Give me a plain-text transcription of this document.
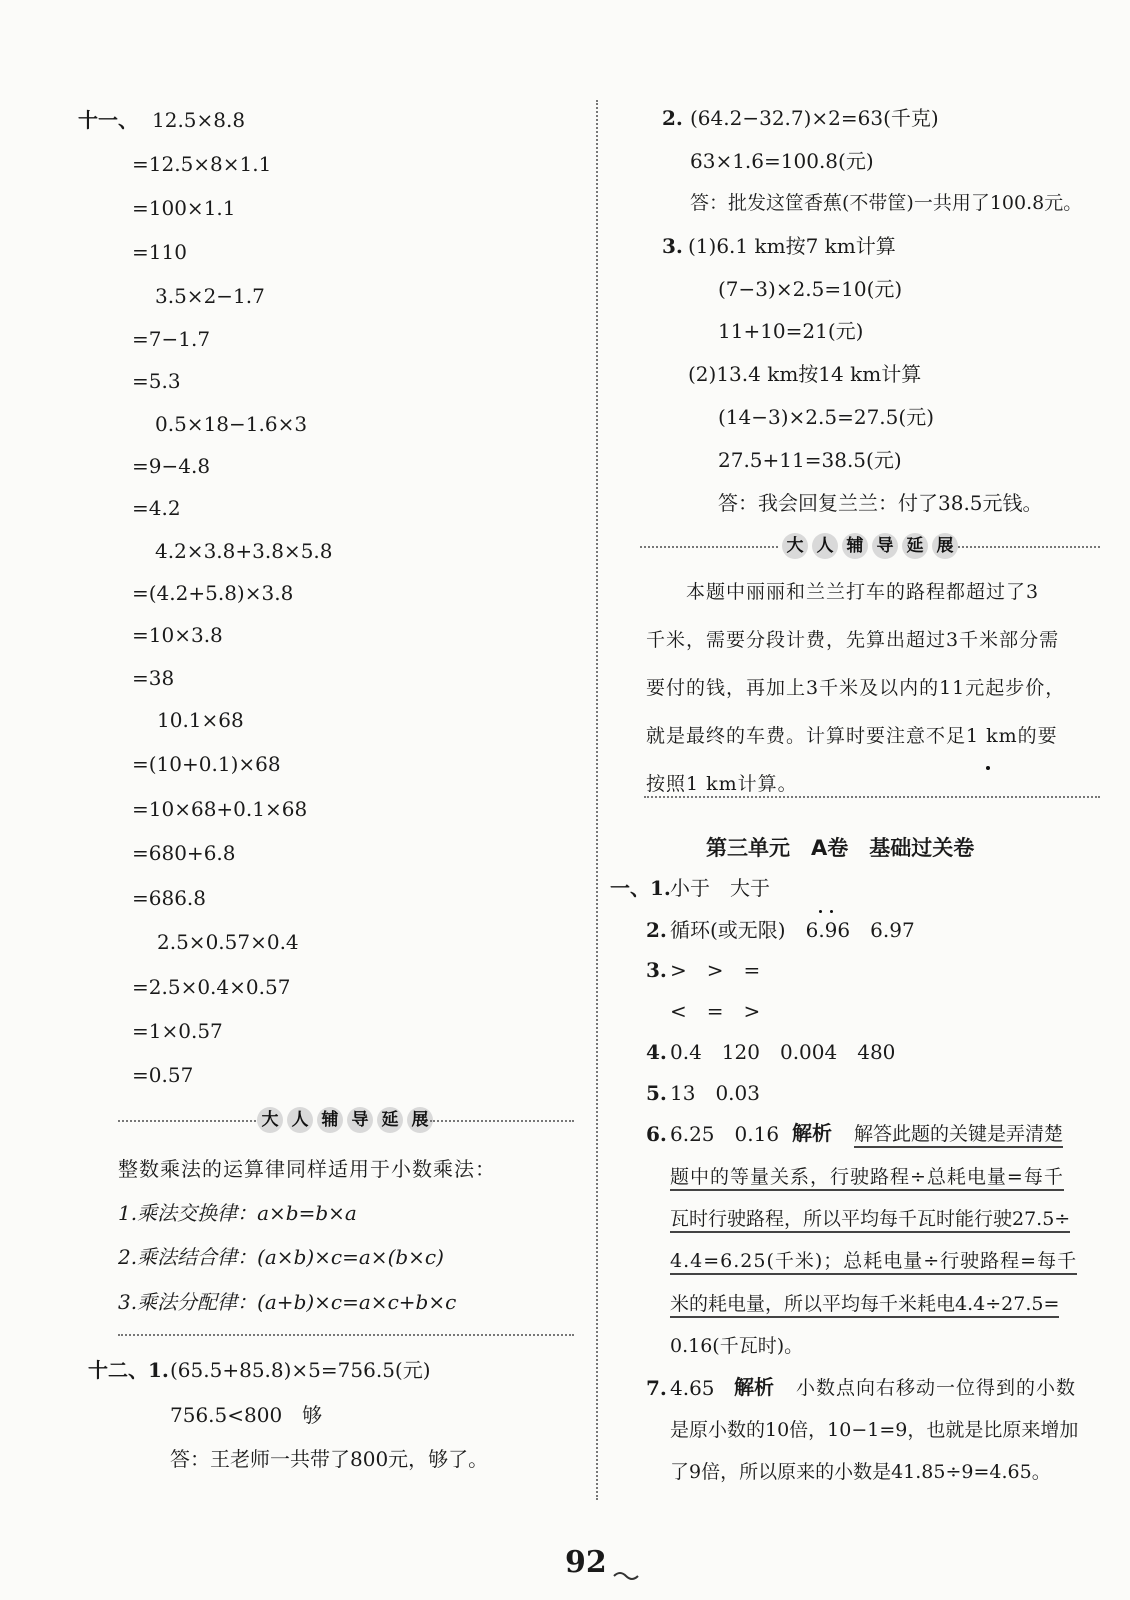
十一、 12.5×8.8
=12.5×8×1.1
=100×1.1
=110
3.5×2−1.7
=7−1.7
=5.3
0.5×18−1.6×3
=9−4.8
=4.2
4.2×3.8+3.8×5.8
=(4.2+5.8)×3.8
=10×3.8
=38
10.1×68
=(10+0.1)×68
=10×68+0.1×68
=680+6.8
=686.8
2.5×0.57×0.4
=2.5×0.4×0.57
=1×0.57
=0.57
大 人 辅 导 延 展
整数乘法的运算律同样适用于小数乘法：
1.乘法交换律：a×b=b×a
2.乘法结合律：(a×b)×c=a×(b×c)
3.乘法分配律：(a+b)×c=a×c+b×c
十二、1. (65.5+85.8)×5=756.5(元)
756.5<800　够
答：王老师一共带了800元，够了。
2. (64.2−32.7)×2=63(千克)
63×1.6=100.8(元)
答：批发这筐香蕉(不带筐)一共用了100.8元。
3. (1)6.1 km按7 km计算
(7−3)×2.5=10(元)
11+10=21(元)
(2)13.4 km按14 km计算
(14−3)×2.5=27.5(元)
27.5+11=38.5(元)
答：我会回复兰兰：付了38.5元钱。
大 人 辅 导 延 展
　　本题中丽丽和兰兰打车的路程都超过了3
千米，需要分段计费，先算出超过3千米部分需
要付的钱，再加上3千米及以内的11元起步价，
就是最终的车费。计算时要注意不足1 km的要
按照1 km计算。
第三单元　A卷　基础过关卷
一、1. 小于　大于
2. 循环(或无限)　6.96　6.97
3. >　>　=
<　=　>
4. 0.4　120　0.004　480
5. 13　0.03
6. 6.25　0.16 解析 解答此题的关键是弄清楚
题中的等量关系，行驶路程÷总耗电量=每千
瓦时行驶路程，所以平均每千瓦时能行驶27.5÷
4.4=6.25(千米)；总耗电量÷行驶路程=每千
米的耗电量，所以平均每千米耗电4.4÷27.5=
0.16(千瓦时)。
7. 4.65 解析 小数点向右移动一位得到的小数
是原小数的10倍，10−1=9，也就是比原来增加
了9倍，所以原来的小数是41.85÷9=4.65。
92
